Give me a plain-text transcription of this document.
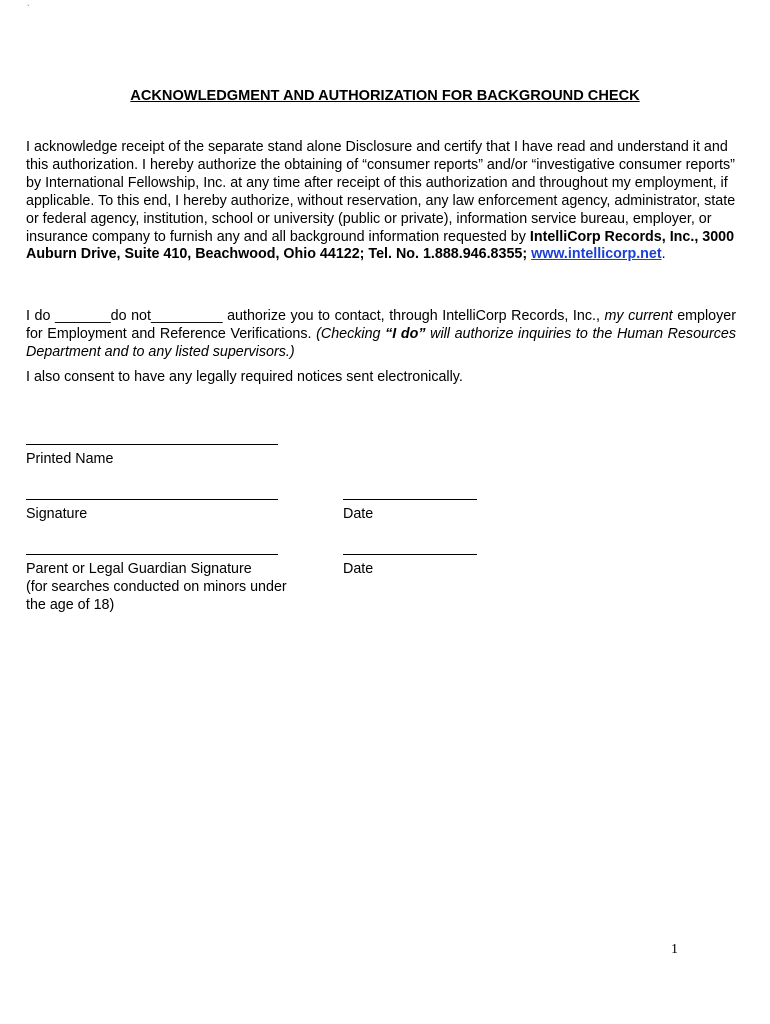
`
ACKNOWLEDGMENT AND AUTHORIZATION FOR BACKGROUND CHECK
I acknowledge receipt of the separate stand alone Disclosure and certify that I have read and understand it and this authorization. I hereby authorize the obtaining of “consumer reports” and/or “investigative consumer reports” by International Fellowship, Inc. at any time after receipt of this authorization and throughout my employment, if applicable. To this end, I hereby authorize, without reservation, any law enforcement agency, administrator, state or federal agency, institution, school or university (public or private), information service bureau, employer, or insurance company to furnish any and all background information requested by IntelliCorp Records, Inc., 3000 Auburn Drive, Suite 410, Beachwood, Ohio 44122; Tel. No. 1.888.946.8355; www.intellicorp.net.
I do _______do not_________ authorize you to contact, through IntelliCorp Records, Inc., my current employer for Employment and Reference Verifications. (Checking “I do” will authorize inquiries to the Human Resources Department and to any listed supervisors.)
I also consent to have any legally required notices sent electronically.
Printed Name
Signature	Date
Parent or Legal Guardian Signature
(for searches conducted on minors under
the age of 18)
Date
1
